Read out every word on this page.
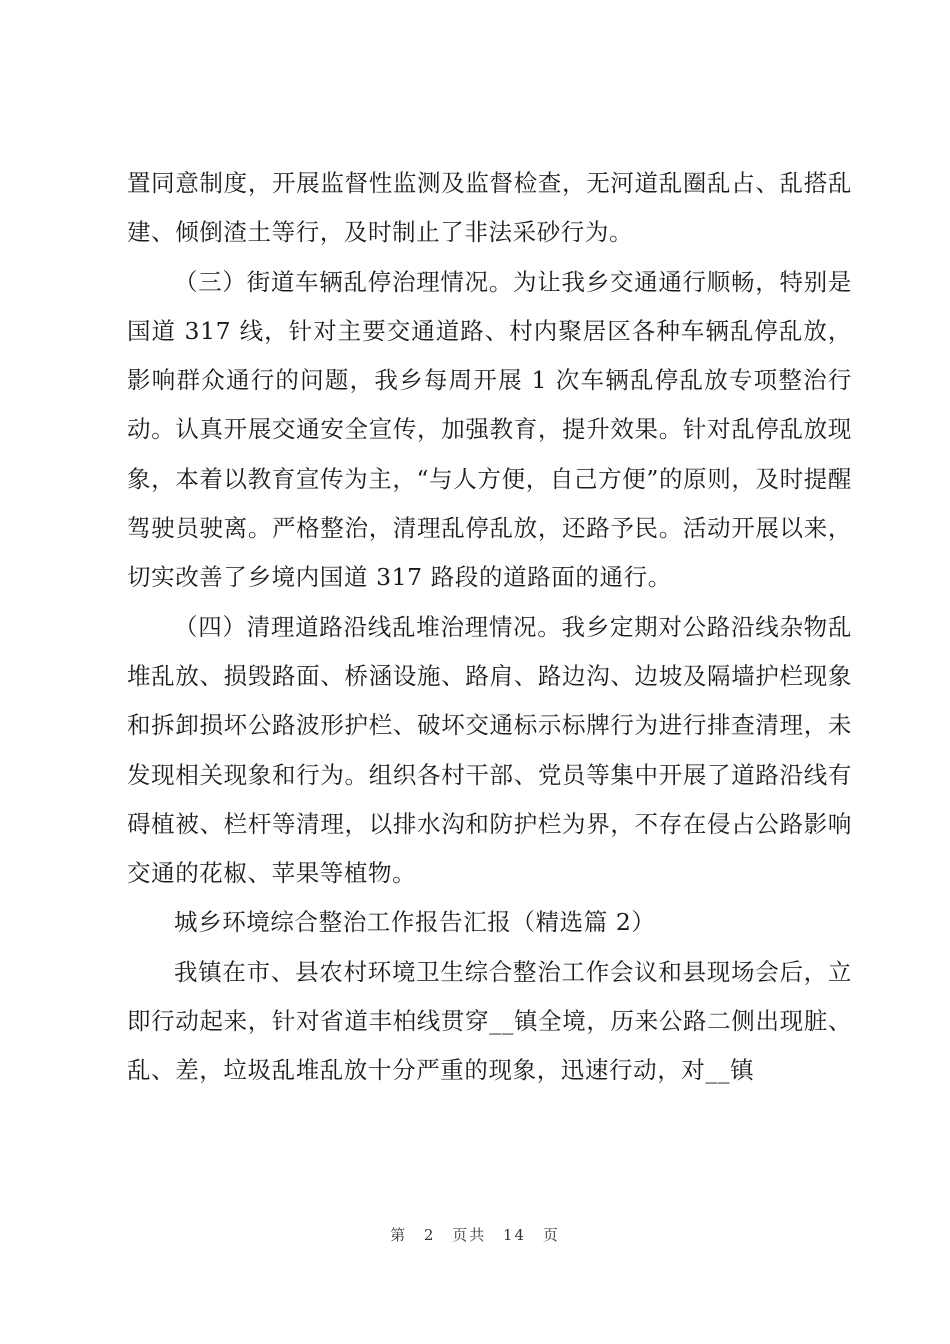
置同意制度，开展监督性监测及监督检查，无河道乱圈乱占、乱搭乱建、倾倒渣土等行，及时制止了非法采砂行为。

（三）街道车辆乱停治理情况。为让我乡交通通行顺畅，特别是国道 317 线，针对主要交通道路、村内聚居区各种车辆乱停乱放，影响群众通行的问题，我乡每周开展 1 次车辆乱停乱放专项整治行动。认真开展交通安全宣传，加强教育，提升效果。针对乱停乱放现象，本着以教育宣传为主，“与人方便，自己方便”的原则，及时提醒驾驶员驶离。严格整治，清理乱停乱放，还路予民。活动开展以来，切实改善了乡境内国道 317 路段的道路面的通行。

（四）清理道路沿线乱堆治理情况。我乡定期对公路沿线杂物乱堆乱放、损毁路面、桥涵设施、路肩、路边沟、边坡及隔墙护栏现象和拆卸损坏公路波形护栏、破坏交通标示标牌行为进行排查清理，未发现相关现象和行为。组织各村干部、党员等集中开展了道路沿线有碍植被、栏杆等清理，以排水沟和防护栏为界，不存在侵占公路影响交通的花椒、苹果等植物。

城乡环境综合整治工作报告汇报（精选篇 2）

我镇在市、县农村环境卫生综合整治工作会议和县现场会后，立即行动起来，针对省道丰柏线贯穿__镇全境，历来公路二侧出现脏、乱、差，垃圾乱堆乱放十分严重的现象，迅速行动，对__镇

第 2 页共 14 页
